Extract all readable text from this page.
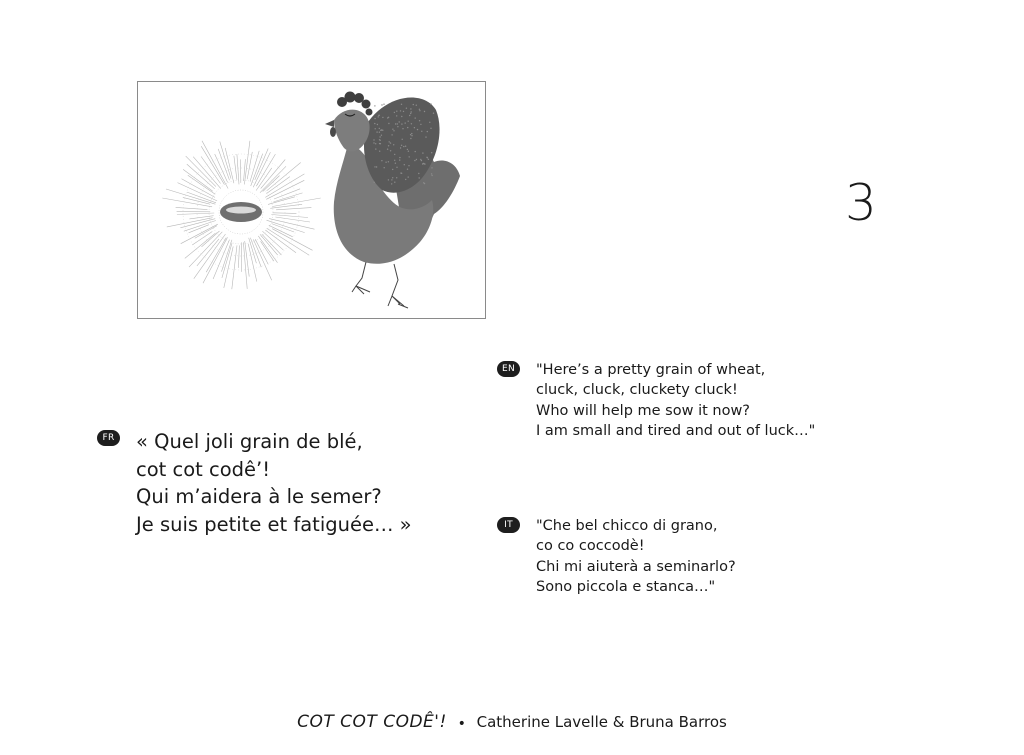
3
FR « Quel joli grain de blé,
cot cot codê’!
Qui m’aidera à le semer?
Je suis petite et fatiguée… »

EN	"Here’s a pretty grain of wheat,
cluck, cluck, cluckety cluck!
Who will help me sow it now?
I am small and tired and out of luck…"

IT	"Che bel chicco di grano,
co co coccodè!
Chi mi aiuterà a seminarlo?
Sono piccola e stanca…"

COT COT CODÊ'! • Catherine Lavelle & Bruna Barros
